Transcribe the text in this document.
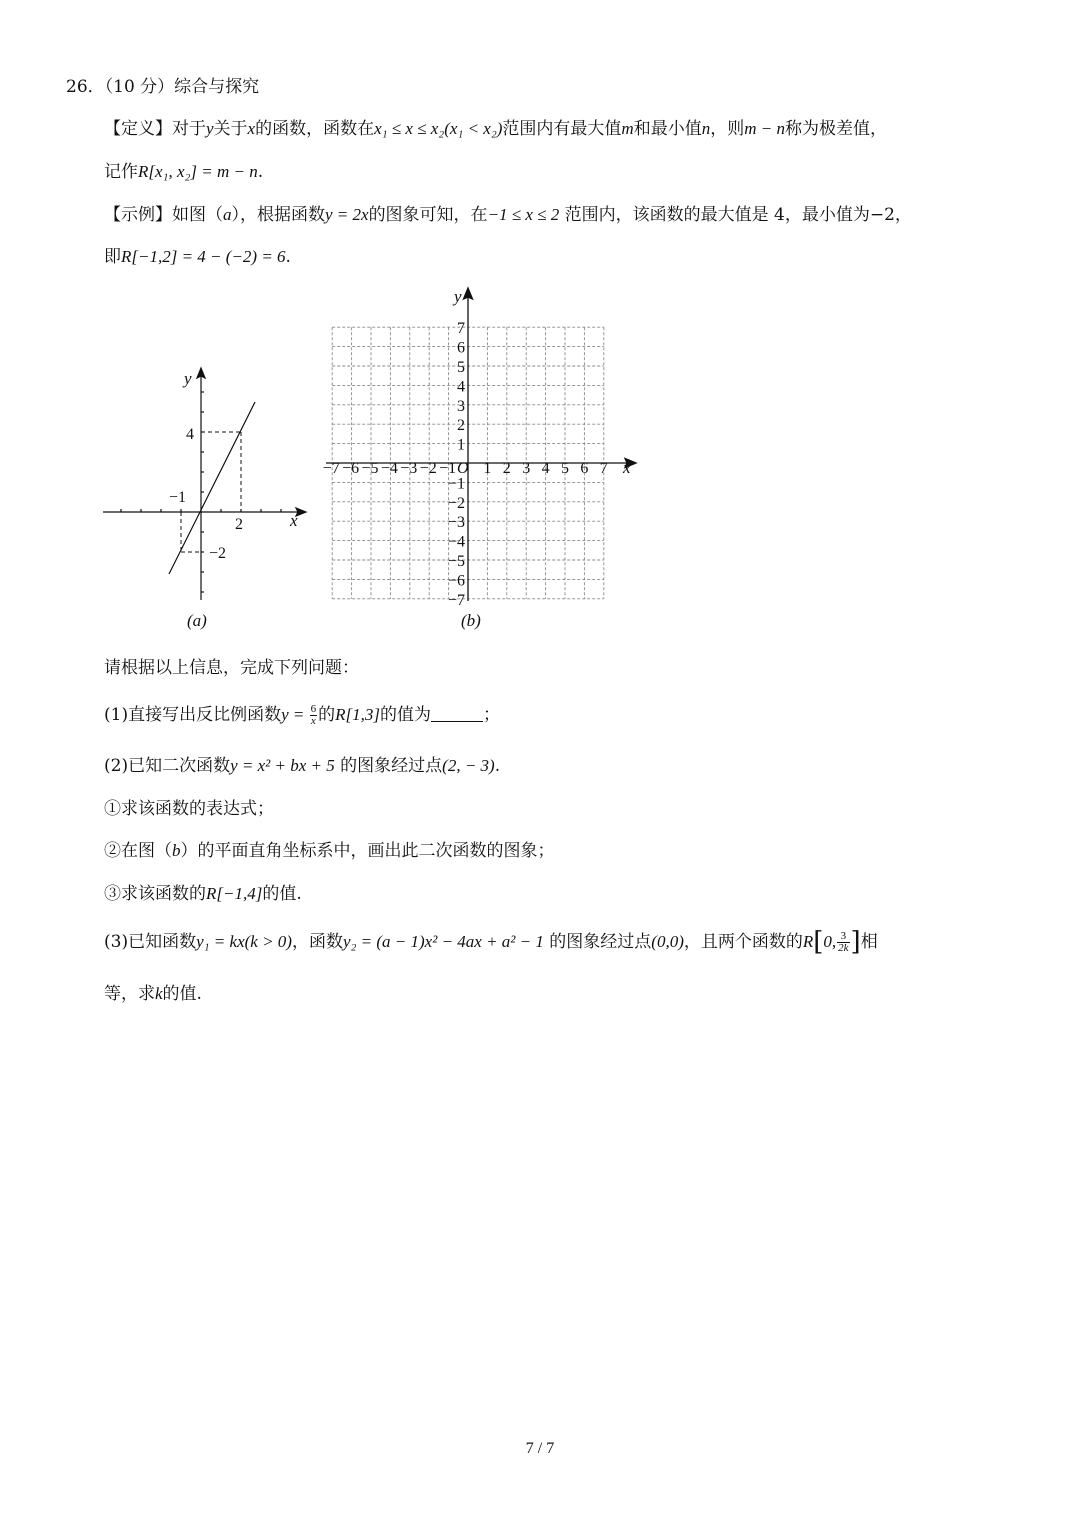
26．（10 分）综合与探究
【定义】对于y关于x的函数，函数在x₁ ≤ x ≤ x₂(x₁ < x₂)范围内有最大值m和最小值n，则m − n称为极差值，
记作R[x₁, x₂] = m − n.
【示例】如图（a），根据函数y = 2x的图象可知，在−1 ≤ x ≤ 2 范围内，该函数的最大值是 4，最小值为−2，
即R[−1,2] = 4 − (−2) = 6.
y
x
4
−1
2
−2
(a)
−7 −6 −5 −4 −3 −2 −1 1 2 3 4 5 6 7
7
6
5
4
3
2
1
−1
−2
−3
−4
−5
−6
−7
y
x
O
(b)
请根据以上信息，完成下列问题：
(1)直接写出反比例函数$y = \frac{6}{x}$ 的R[1,3]的值为	；
(2)已知二次函数y = x² + bx + 5 的图象经过点(2, − 3).
①求该函数的表达式；
②在图（b）的平面直角坐标系中，画出此二次函数的图象；
③求该函数的R[−1,4]的值.
(3)已知函数y₁ = kx(k > 0)，函数y₂ = (a − 1)x² − 4ax + a² − 1 的图象经过点(0,0)，且两个函数的R[0, $\frac{3}{2k}$ ]相
等，求k的值.
7 / 7
